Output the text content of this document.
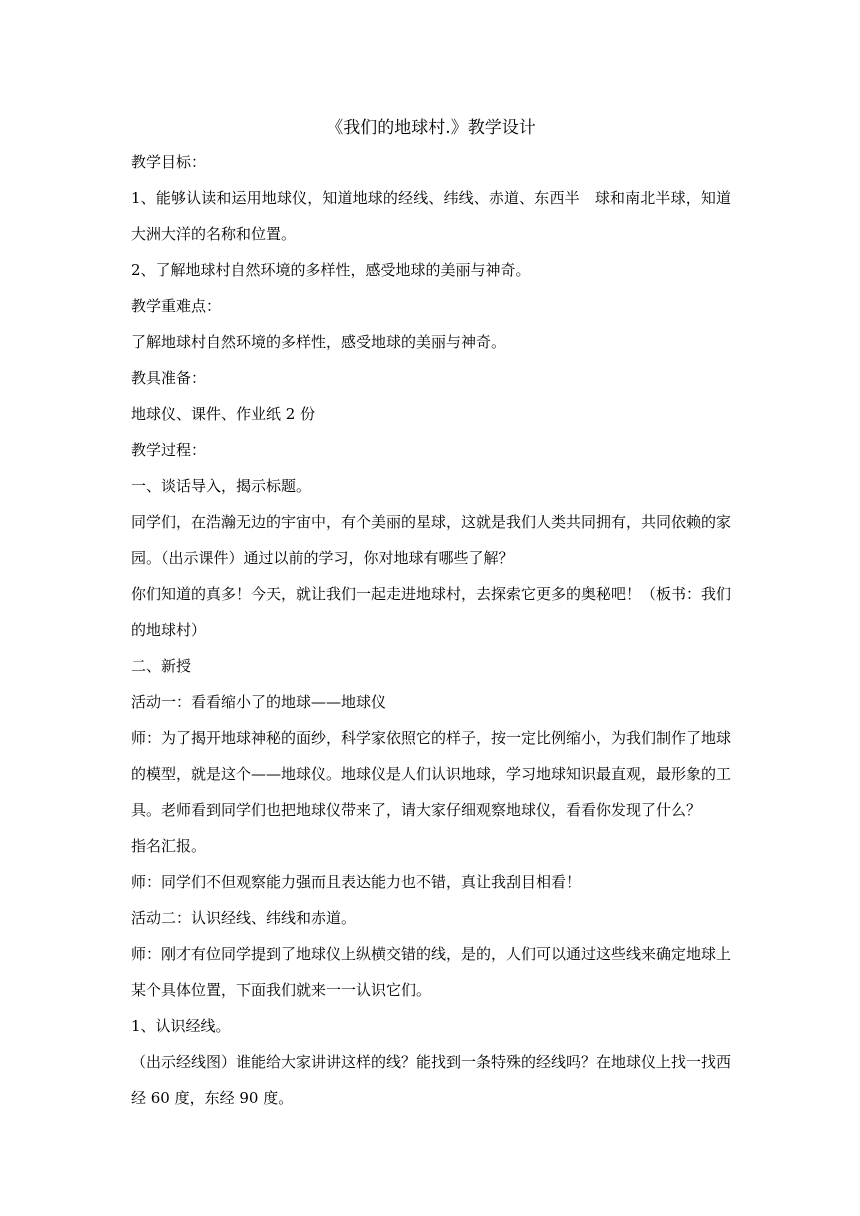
《我们的地球村.》教学设计

教学目标：

1、能够认读和运用地球仪，知道地球的经线、纬线、赤道、东西半　球和南北半球，知道大洲大洋的名称和位置。

2、了解地球村自然环境的多样性，感受地球的美丽与神奇。

教学重难点：

了解地球村自然环境的多样性，感受地球的美丽与神奇。

教具准备：

地球仪、课件、作业纸 2 份

教学过程：

一、谈话导入，揭示标题。

同学们，在浩瀚无边的宇宙中，有个美丽的星球，这就是我们人类共同拥有，共同依赖的家园。（出示课件）通过以前的学习，你对地球有哪些了解？

你们知道的真多！今天，就让我们一起走进地球村，去探索它更多的奥秘吧！（板书：我们的地球村）

二、新授

活动一：看看缩小了的地球——地球仪

师：为了揭开地球神秘的面纱，科学家依照它的样子，按一定比例缩小，为我们制作了地球的模型，就是这个——地球仪。地球仪是人们认识地球，学习地球知识最直观，最形象的工具。老师看到同学们也把地球仪带来了，请大家仔细观察地球仪，看看你发现了什么？

指名汇报。

师：同学们不但观察能力强而且表达能力也不错，真让我刮目相看！

活动二：认识经线、纬线和赤道。

师：刚才有位同学提到了地球仪上纵横交错的线，是的，人们可以通过这些线来确定地球上某个具体位置，下面我们就来一一认识它们。

1、认识经线。

（出示经线图）谁能给大家讲讲这样的线？能找到一条特殊的经线吗？在地球仪上找一找西经 60 度，东经 90 度。
